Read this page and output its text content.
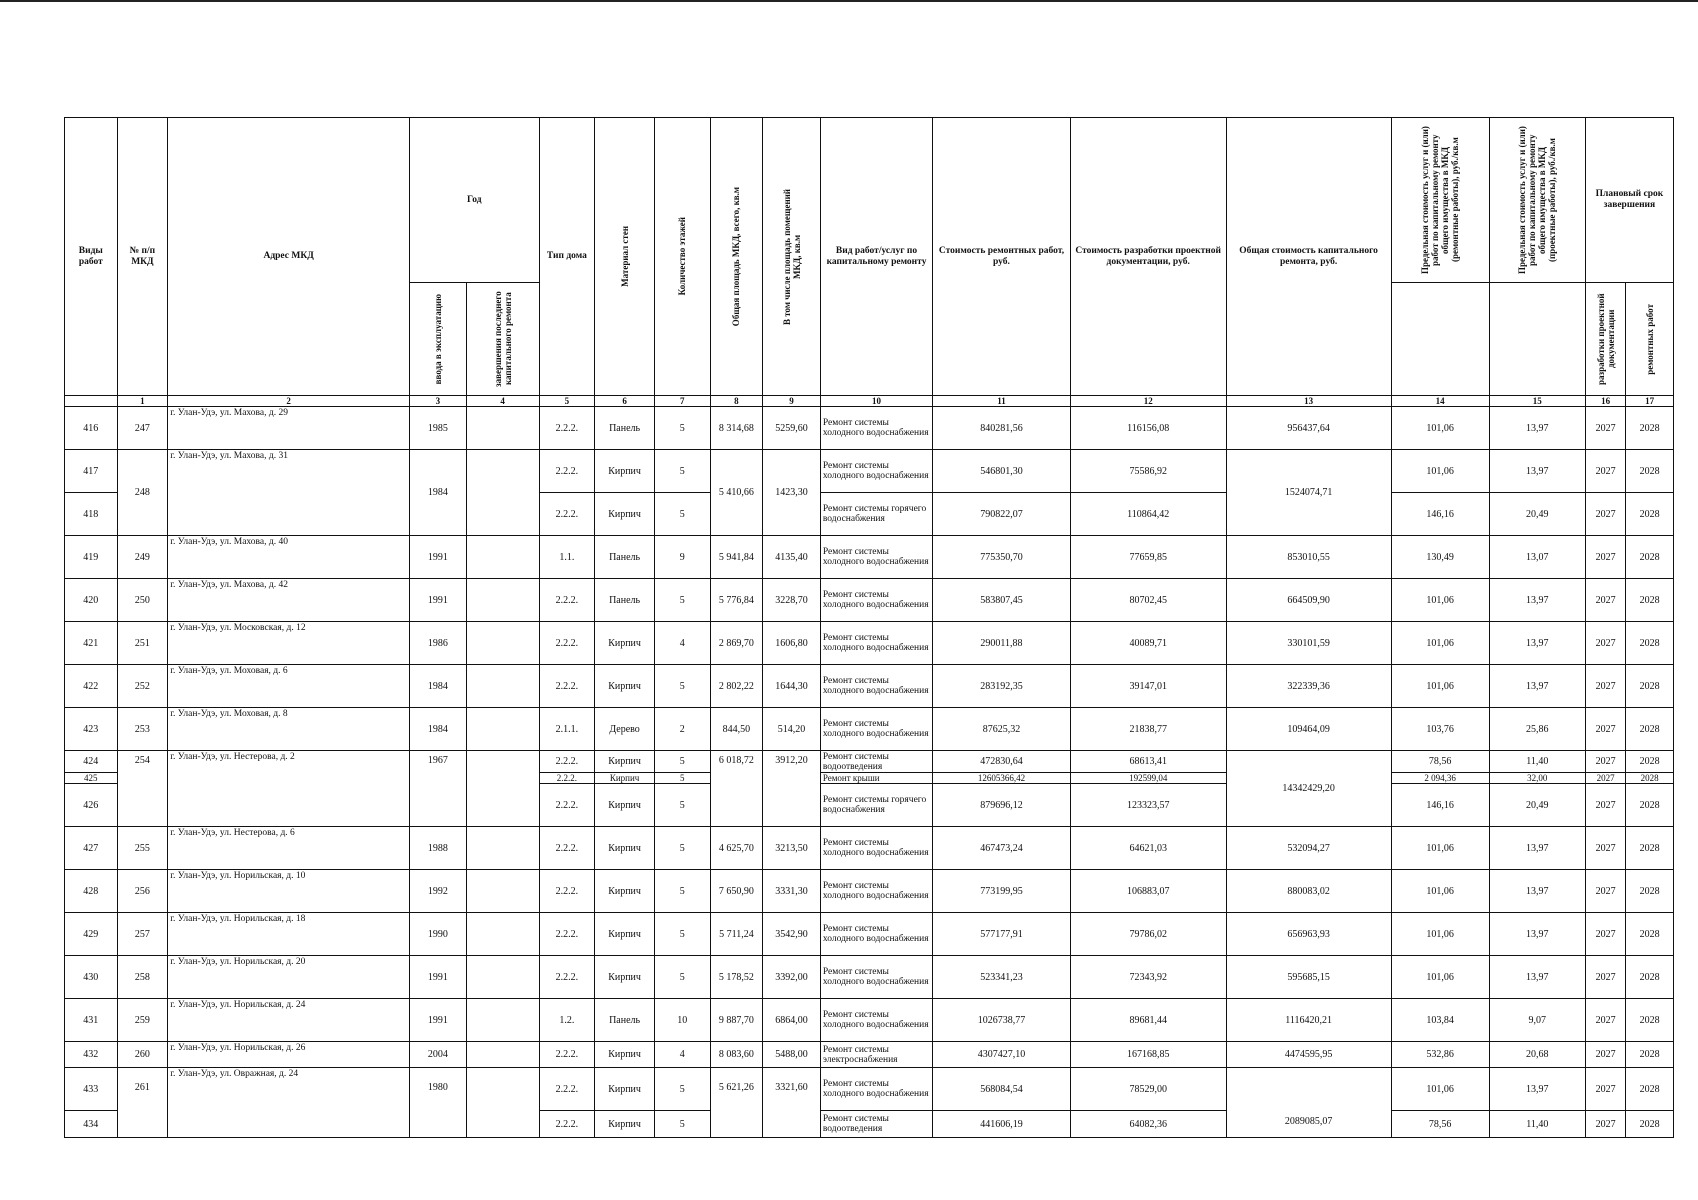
Виды работ	№ п/п МКД	Адрес МКД	Год		Тип дома	Материал стен	Количество этажей	Общая площадь МКД, всего, кв.м	В том числе площадь помещений МКД, кв.м	Вид работ/услуг по капитальному ремонту	Стоимость ремонтных работ, руб.	Стоимость разработки проектной документации, руб.	Общая стоимость капитального ремонта, руб.	Предельная стоимость услуг и (или) работ по капитальному ремонту общего имущества в МКД (ремонтные работы), руб./кв.м	Предельная стоимость услуг и (или) работ по капитальному ремонту общего имущества в МКД (проектные работы), руб./кв.м	Плановый срок завершения	

			ввода в эксплуатацию	завершения последнего капитального ремонта												разработки проектной документации	ремонтных работ

	1	2	3	4	5	6	7	8	9	10	11	12	13	14	15	16	17
416	247	г. Улан-Удэ, ул. Махова, д. 29	1985		2.2.2.	Панель	5	8 314,68	5259,60	Ремонт системы холодного водоснабжения	840281,56	116156,08	956437,64	101,06	13,97	2027	2028
417	248	г. Улан-Удэ, ул. Махова, д. 31	1984		2.2.2.	Кирпич	5	5 410,66	1423,30	Ремонт системы холодного водоснабжения	546801,30	75586,92	1524074,71	101,06	13,97	2027	2028
418					2.2.2.	Кирпич	5			Ремонт системы горячего водоснабжения	790822,07	110864,42		146,16	20,49	2027	2028
419	249	г. Улан-Удэ, ул. Махова, д. 40	1991		1.1.	Панель	9	5 941,84	4135,40	Ремонт системы холодного водоснабжения	775350,70	77659,85	853010,55	130,49	13,07	2027	2028
420	250	г. Улан-Удэ, ул. Махова, д. 42	1991		2.2.2.	Панель	5	5 776,84	3228,70	Ремонт системы холодного водоснабжения	583807,45	80702,45	664509,90	101,06	13,97	2027	2028
421	251	г. Улан-Удэ, ул. Московская, д. 12	1986		2.2.2.	Кирпич	4	2 869,70	1606,80	Ремонт системы холодного водоснабжения	290011,88	40089,71	330101,59	101,06	13,97	2027	2028
422	252	г. Улан-Удэ, ул. Моховая, д. 6	1984		2.2.2.	Кирпич	5	2 802,22	1644,30	Ремонт системы холодного водоснабжения	283192,35	39147,01	322339,36	101,06	13,97	2027	2028
423	253	г. Улан-Удэ, ул. Моховая, д. 8	1984		2.1.1.	Дерево	2	844,50	514,20	Ремонт системы холодного водоснабжения	87625,32	21838,77	109464,09	103,76	25,86	2027	2028
424	254	г. Улан-Удэ, ул. Нестерова, д. 2	1967		2.2.2.	Кирпич	5	6 018,72	3912,20	Ремонт системы водоотведения	472830,64	68613,41	14342429,20	78,56	11,40	2027	2028
425					2.2.2.	Кирпич	5			Ремонт крыши	12605366,42	192599,04		2 094,36	32,00	2027	2028
426					2.2.2.	Кирпич	5			Ремонт системы горячего водоснабжения	879696,12	123323,57		146,16	20,49	2027	2028
427	255	г. Улан-Удэ, ул. Нестерова, д. 6	1988		2.2.2.	Кирпич	5	4 625,70	3213,50	Ремонт системы холодного водоснабжения	467473,24	64621,03	532094,27	101,06	13,97	2027	2028
428	256	г. Улан-Удэ, ул. Норильская, д. 10	1992		2.2.2.	Кирпич	5	7 650,90	3331,30	Ремонт системы холодного водоснабжения	773199,95	106883,07	880083,02	101,06	13,97	2027	2028
429	257	г. Улан-Удэ, ул. Норильская, д. 18	1990		2.2.2.	Кирпич	5	5 711,24	3542,90	Ремонт системы холодного водоснабжения	577177,91	79786,02	656963,93	101,06	13,97	2027	2028
430	258	г. Улан-Удэ, ул. Норильская, д. 20	1991		2.2.2.	Кирпич	5	5 178,52	3392,00	Ремонт системы холодного водоснабжения	523341,23	72343,92	595685,15	101,06	13,97	2027	2028
431	259	г. Улан-Удэ, ул. Норильская, д. 24	1991		1.2.	Панель	10	9 887,70	6864,00	Ремонт системы холодного водоснабжения	1026738,77	89681,44	1116420,21	103,84	9,07	2027	2028
432	260	г. Улан-Удэ, ул. Норильская, д. 26	2004		2.2.2.	Кирпич	4	8 083,60	5488,00	Ремонт системы электроснабжения	4307427,10	167168,85	4474595,95	532,86	20,68	2027	2028
433	261	г. Улан-Удэ, ул. Овражная, д. 24	1980		2.2.2.	Кирпич	5	5 621,26	3321,60	Ремонт системы холодного водоснабжения	568084,54	78529,00	2089085,07	101,06	13,97	2027	2028
434					2.2.2.	Кирпич	5			Ремонт системы водоотведения	441606,19	64082,36		78,56	11,40	2027	2028
